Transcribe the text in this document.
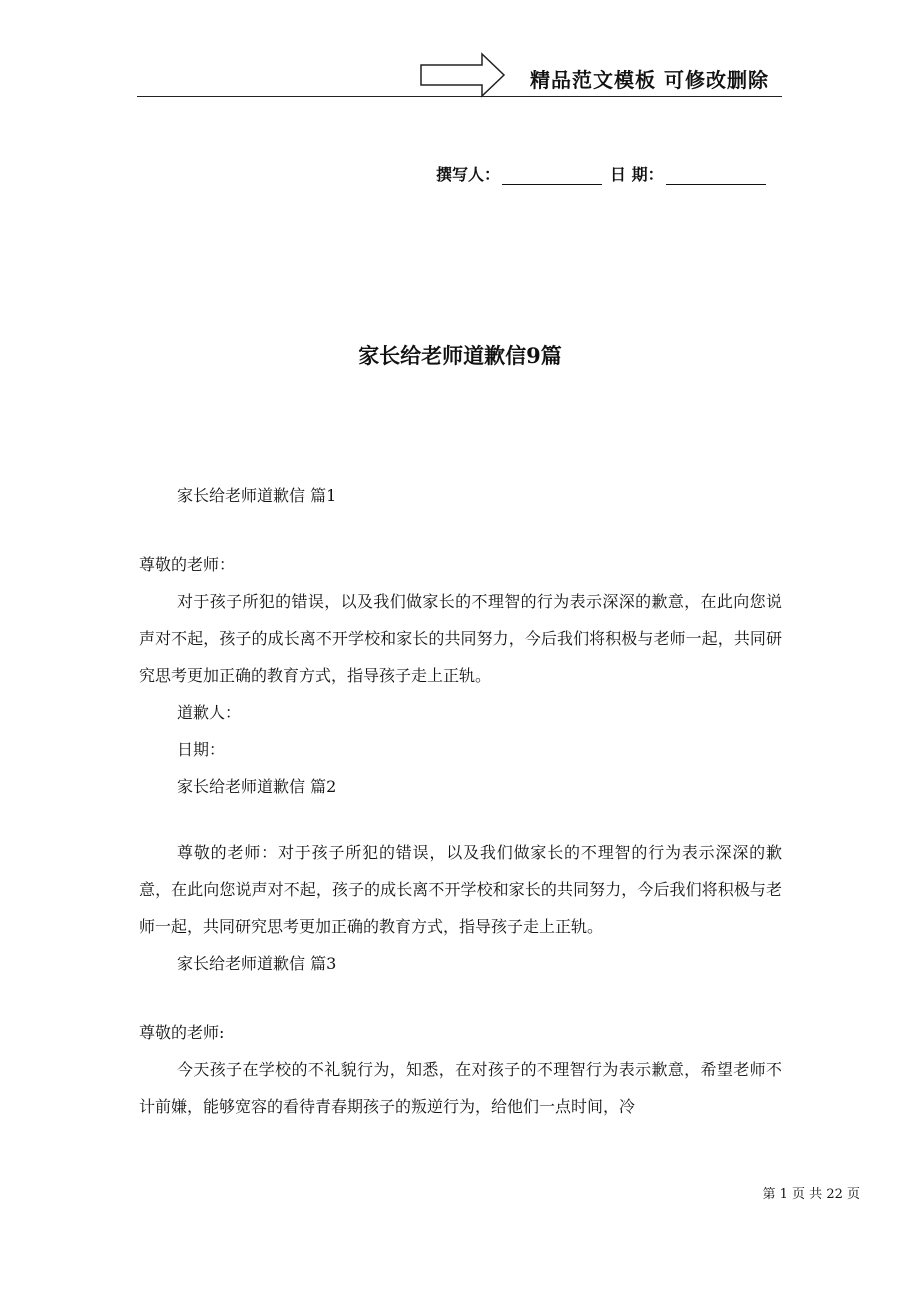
精品范文模板 可修改删除
撰写人：	日 期：
家长给老师道歉信9篇
家长给老师道歉信 篇1
尊敬的老师：
对于孩子所犯的错误，以及我们做家长的不理智的行为表示深深的歉意，在此向您说声对不起，孩子的成长离不开学校和家长的共同努力，今后我们将积极与老师一起，共同研究思考更加正确的教育方式，指导孩子走上正轨。
道歉人：
日期：
家长给老师道歉信 篇2
尊敬的老师：对于孩子所犯的错误，以及我们做家长的不理智的行为表示深深的歉意，在此向您说声对不起，孩子的成长离不开学校和家长的共同努力，今后我们将积极与老师一起，共同研究思考更加正确的教育方式，指导孩子走上正轨。
家长给老师道歉信 篇3
尊敬的老师:
今天孩子在学校的不礼貌行为，知悉，在对孩子的不理智行为表示歉意，希望老师不计前嫌，能够宽容的看待青春期孩子的叛逆行为，给他们一点时间，冷
第 1 页 共 22 页
